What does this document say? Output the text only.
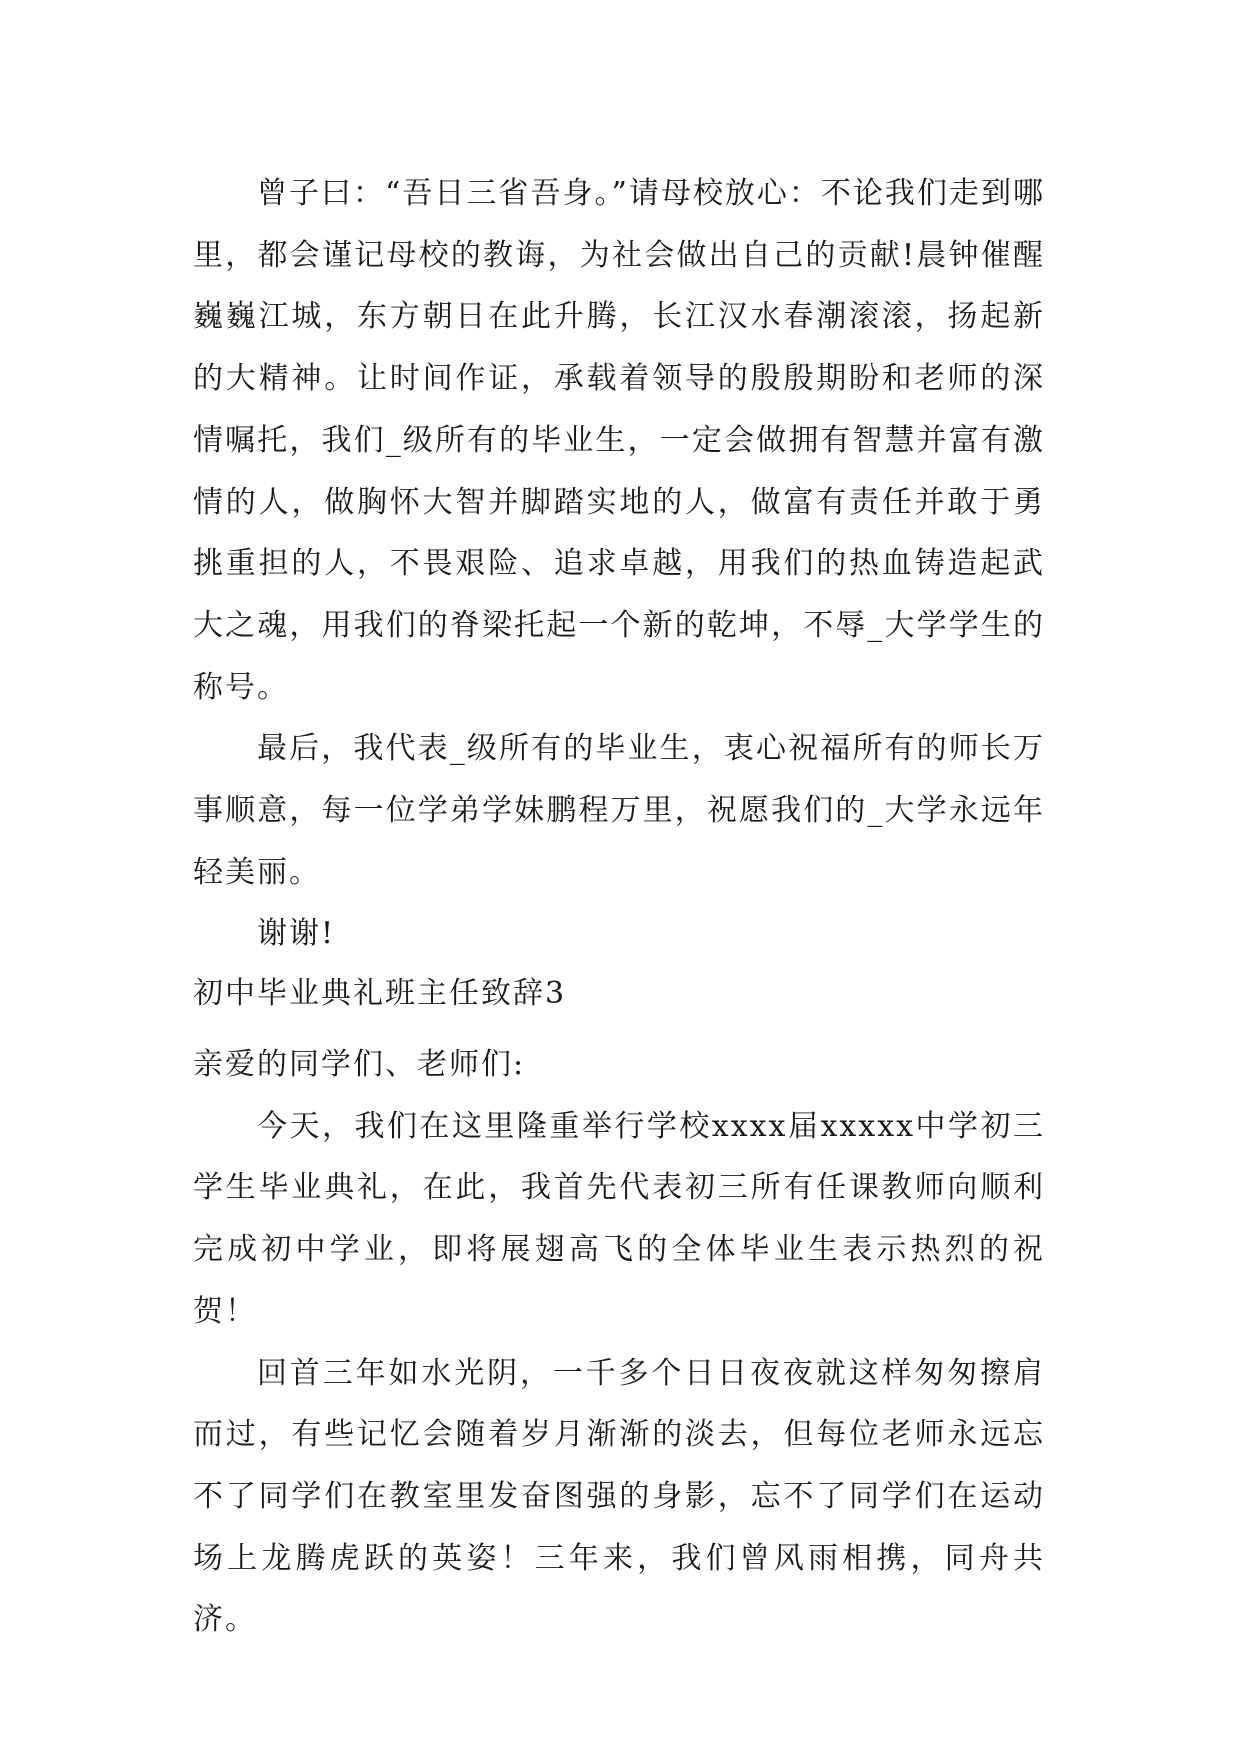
曾子曰：“吾日三省吾身。”请母校放心：不论我们走到哪里，都会谨记母校的教诲，为社会做出自己的贡献!晨钟催醒巍巍江城，东方朝日在此升腾，长江汉水春潮滚滚，扬起新的大精神。让时间作证，承载着领导的殷殷期盼和老师的深情嘱托，我们_级所有的毕业生，一定会做拥有智慧并富有激情的人，做胸怀大智并脚踏实地的人，做富有责任并敢于勇挑重担的人，不畏艰险、追求卓越，用我们的热血铸造起武大之魂，用我们的脊梁托起一个新的乾坤，不辱_大学学生的称号。

最后，我代表_级所有的毕业生，衷心祝福所有的师长万事顺意，每一位学弟学妹鹏程万里，祝愿我们的_大学永远年轻美丽。

谢谢!

初中毕业典礼班主任致辞3

亲爱的同学们、老师们:

今天，我们在这里隆重举行学校xxxx届xxxxx中学初三学生毕业典礼，在此，我首先代表初三所有任课教师向顺利完成初中学业，即将展翅高飞的全体毕业生表示热烈的祝贺！

回首三年如水光阴，一千多个日日夜夜就这样匆匆擦肩而过，有些记忆会随着岁月渐渐的淡去，但每位老师永远忘不了同学们在教室里发奋图强的身影，忘不了同学们在运动场上龙腾虎跃的英姿！三年来，我们曾风雨相携，同舟共济。
